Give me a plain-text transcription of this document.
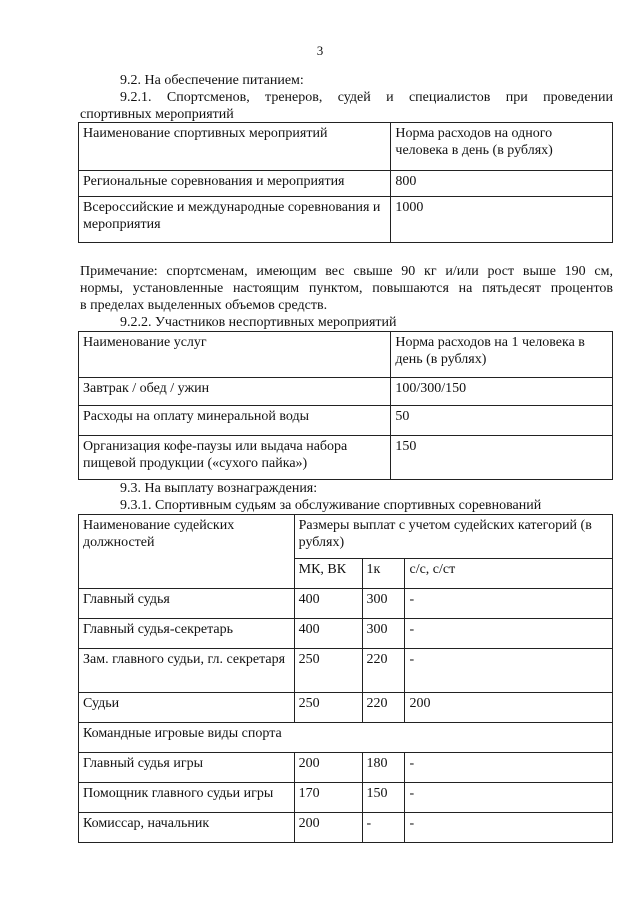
3
9.2. На обеспечение питанием:
9.2.1. Спортсменов, тренеров, судей и специалистов при проведении
спортивных мероприятий
Наименование спортивных мероприятий	Норма расходов на одного человека в день (в рублях)
Региональные соревнования и мероприятия	800
Всероссийские и международные соревнования и мероприятия	1000
Примечание: спортсменам, имеющим вес свыше 90 кг и/или рост выше 190 см,
нормы, установленные настоящим пунктом, повышаются на пятьдесят процентов
в пределах выделенных объемов средств.
9.2.2. Участников неспортивных мероприятий
Наименование услуг	Норма расходов на 1 человека в день (в рублях)
Завтрак / обед / ужин	100/300/150
Расходы на оплату минеральной воды	50
Организация кофе-паузы или выдача набора пищевой продукции («сухого пайка»)	150
9.3. На выплату вознаграждения:
9.3.1. Спортивным судьям за обслуживание спортивных соревнований
Наименование судейских должностей	Размеры выплат с учетом судейских категорий (в рублях)		
	МК, ВК	1к	с/с, с/ст
Главный судья	400	300	-
Главный судья-секретарь	400	300	-
Зам. главного судьи, гл. секретаря	250	220	-
Судьи	250	220	200
Командные игровые виды спорта			
Главный судья игры	200	180	-
Помощник главного судьи игры	170	150	-
Комиссар, начальник	200	-	-
